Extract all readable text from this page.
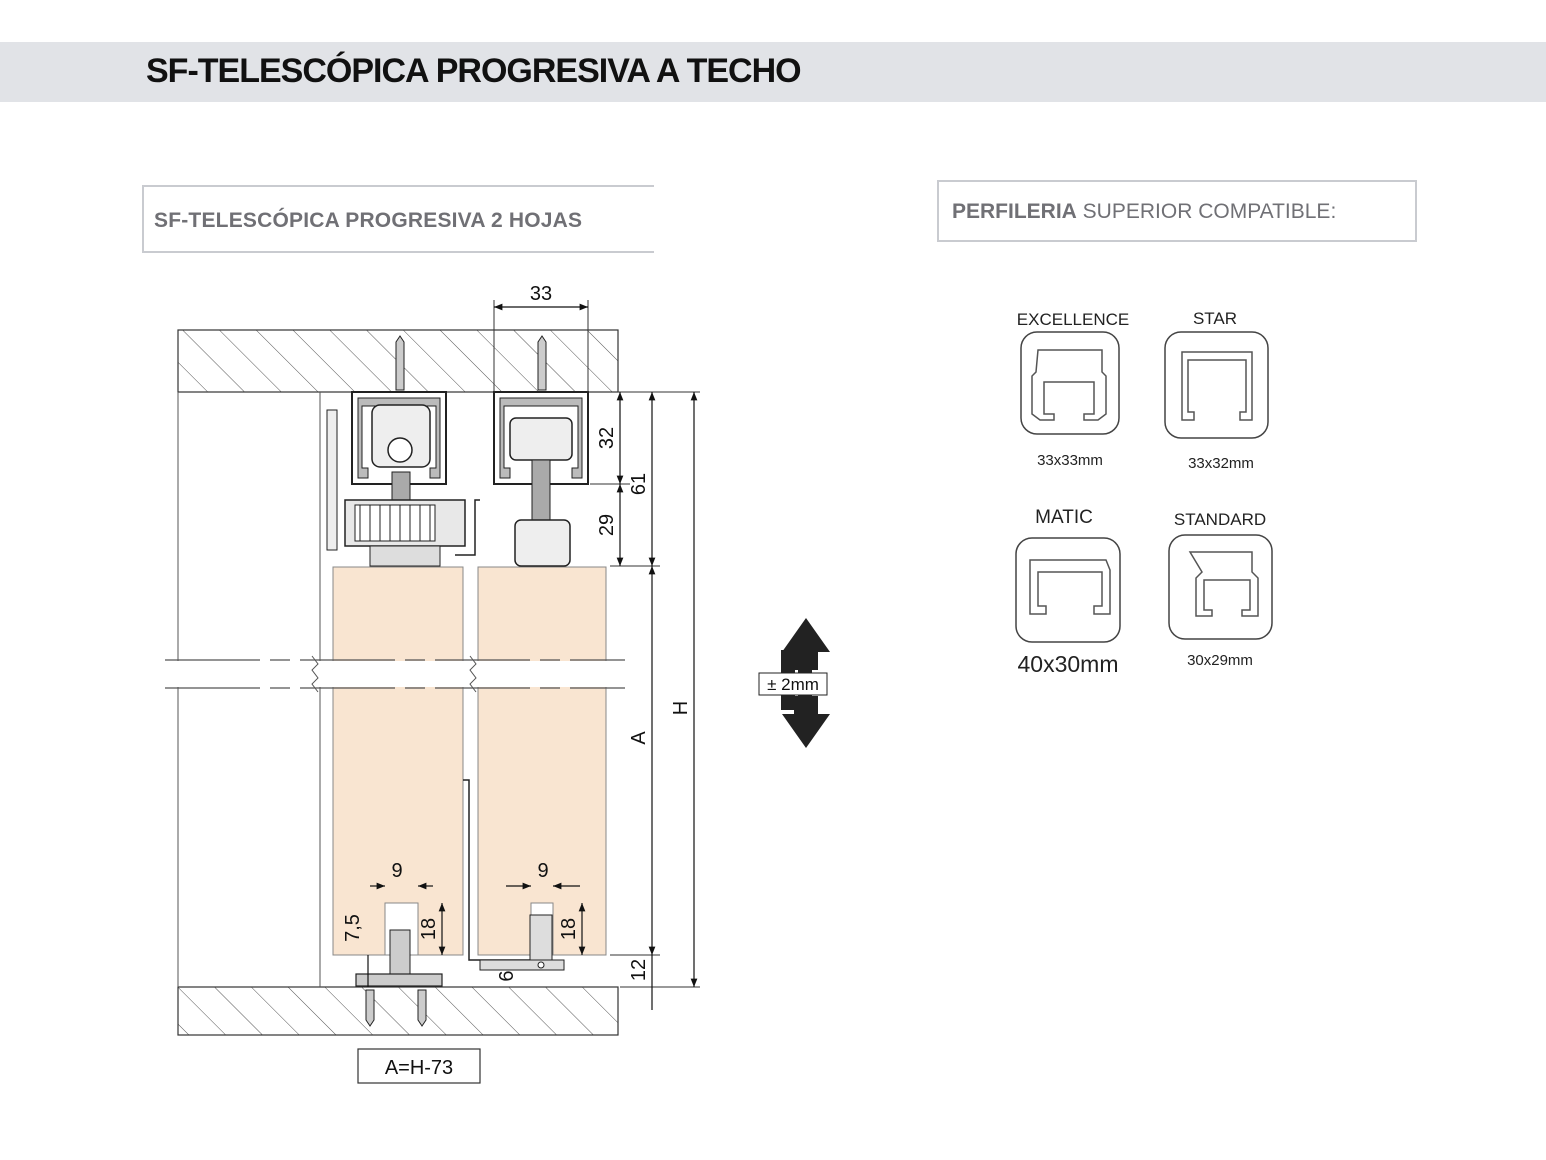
SF-TELESCÓPICA PROGRESIVA A TECHO
SF-TELESCÓPICA PROGRESIVA 2 HOJAS	PERFILERIA SUPERIOR COMPATIBLE:
33
32
29
61
A
12
H
9	9
7,5	18	18
6
A=H-73
± 2mm
EXCELLENCE
33x33mm
STAR
33x32mm
MATIC
40x30mm
STANDARD
30x29mm
